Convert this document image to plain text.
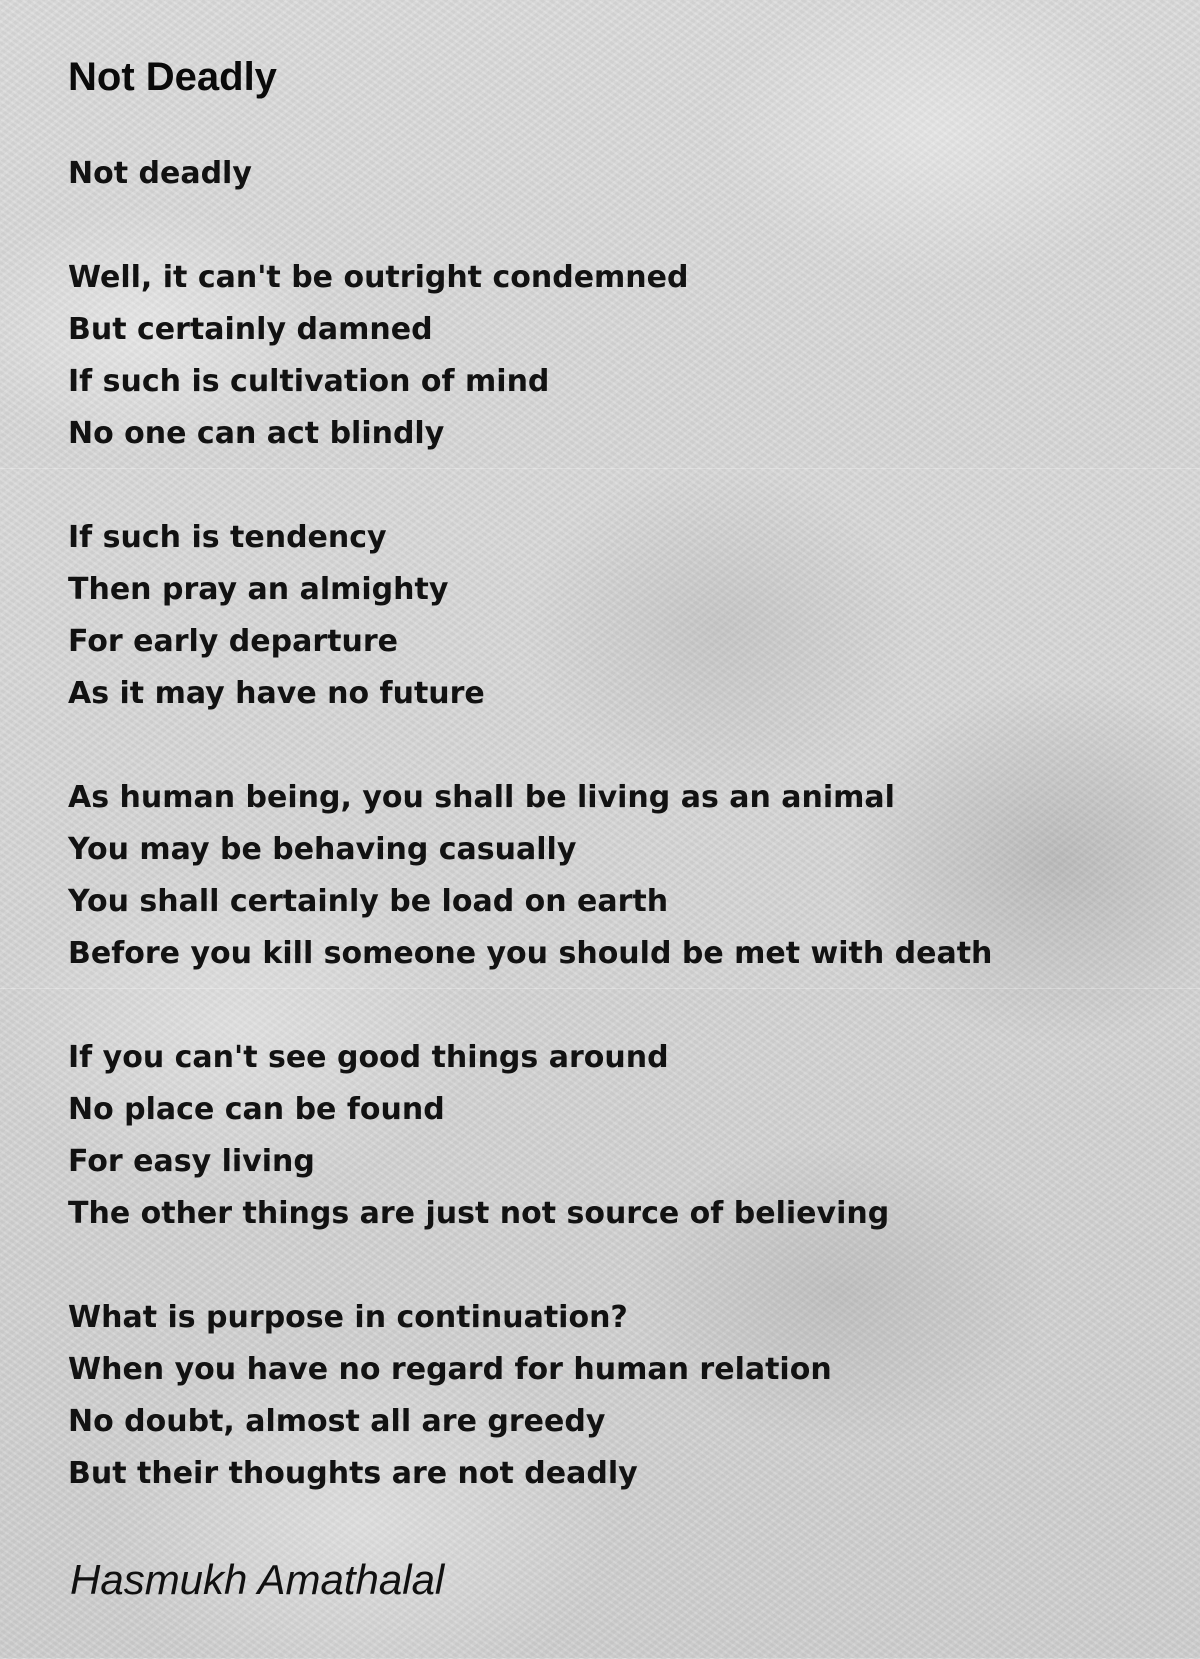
Not Deadly
Not deadly
Well, it can't be outright condemned
But certainly damned
If such is cultivation of mind
No one can act blindly
If such is tendency
Then pray an almighty
For early departure
As it may have no future
As human being, you shall be living as an animal
You may be behaving casually
You shall certainly be load on earth
Before you kill someone you should be met with death
If you can't see good things around
No place can be found
For easy living
The other things are just not source of believing
What is purpose in continuation?
When you have no regard for human relation
No doubt, almost all are greedy
But their thoughts are not deadly
Hasmukh Amathalal
